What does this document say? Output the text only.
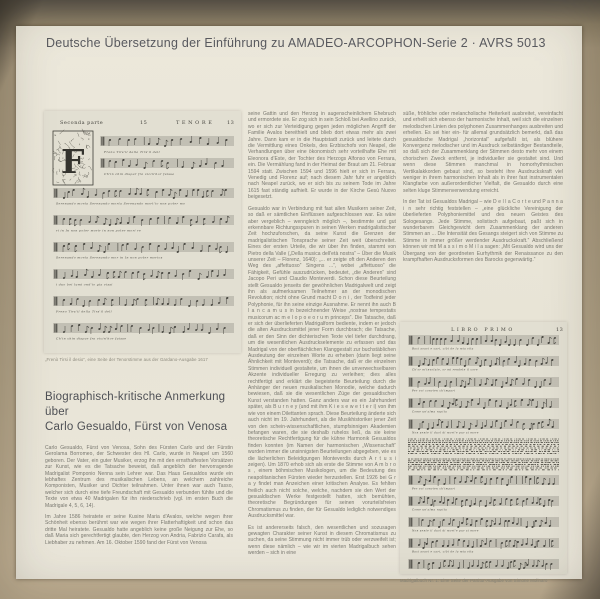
Deutsche Übersetzung der Einführung zu AMADEO-ARCOPHON-Serie 2 · AVRS 5013
Seconda parte	15	TENORE	13
F	Freno Tirs'il della Tirs'il dell
Ch'in chin dispar fra vicin'hor fuisse
Serenando morta Serenando morta Serenando mort'io non poter mo
ri in In non poter morir in non poter mori re
Serenando morta Serenando mor in In non poter morios
i duo bei lumi ond'io gia vissi
Freno Tirs'il della Tirs'il dell
Ch'in chin dispar fra vicin'hor fuisse
„Frenò Tirsi il desio“, eine Seite der Tenorstimme aus der Gardano-Ausgabe 1617
Biographisch-kritische Anmerkung
über
Carlo Gesualdo, Fürst von Venosa

Carlo Gesualdo, Fürst von Venosa, Sohn des Fürsten Carlo und der Fürstin Gerolama Borromeo, der Schwester des Hl. Carlo, wurde in Neapel um 1560 geboren. Der Vater, ein guter Musiker, erzog ihn mit den ernsthaftesten Vorsätzen zur Kunst, wie es die Tatsache beweist, daß angeblich der hervorragende Madrigalist Pomponio Nenna sein Lehrer war. Das Haus Gesualdos wurde ein lebhaftes Zentrum des musikalischen Lebens, an welchem zahlreiche Komponisten, Musiker und Dichter teilnahmen. Unter ihnen war auch Tasso, welcher sich durch eine tiefe Freundschaft mit Gesualdo verbunden fühlte und die Texte von etwa 40 Madrigalen für ihn niederschrieb (vgl. im ersten Buch die Madrigale 4, 5, 6, 14).

Im Jahre 1586 heiratete er seine Kusine Maria d'Avalos, welche wegen ihrer Schönheit ebenso berühmt war wie wegen ihrer Flatterhaftigkeit und schon das dritte Mal heiratete. Gesualdo hatte angeblich keine große Neigung zur Ehe, so daß Maria sich gerechtfertigt glaubte, den Herzog von Andria, Fabrizio Carafa, als Liebhaber zu nehmen. Am 16. Oktober 1590 fand der Fürst von Venosa

seine Gattin und den Herzog in augenscheinlichem Ehebruch und ermordete sie. Er zog sich in sein Schloß bei Avellino zurück, wo er sich zur Verteidigung gegen jeden möglichen Angriff der Familie Avalos bereithielt und blieb dort etwas mehr als zwei Jahre. Dann kam er in die Hauptstadt zurück und leitete durch die Vermittlung eines Onkels, des Erzbischofs von Neapel, die Verhandlungen über eine ökonomisch sehr vorteilhafte Ehe mit Eleonora d'Este, der Tochter des Herzogs Alfonso von Ferrara, ein. Die Vermählung fand in der Heimat der Braut am 21. Februar 1594 statt. Zwischen 1594 und 1596 hielt er sich in Ferrara, Venedig und Florenz auf; nach diesem Jahr fuhr er angeblich nach Neapel zurück, wo er sich bis zu seinem Tode im Jahre 1615 fast ständig aufhielt. Er wurde in der Kirche Gesù Nuovo beigesetzt.

Gesualdo war in Verbindung mit fast allen Musikern seiner Zeit, so daß er sämtlichen Einflüssen aufgeschlossen war. Es wäre aber vergeblich – wenngleich möglich –, bestimmte und gut erkennbare Richtungsspuren in seinen Werken madrigalistischer Zeit hochzuforschen, da seine Kunst die Grenzen der madrigalistischen Tonsprache seiner Zeit weit überschreitet. Eines der ersten Urteile, die wir über ihn finden, stammt von Pietro della Valle („Della musica dell'età nostra“ – Über die Musik unserer Zeit – Florenz, 1640): „... er zeigte oft den Anderen den Weg des „affettuoso“ Singens ...“, wobei „affettuoso“ die Fähigkeit, Gefühle auszudrücken, bedeutet, „die Anderen“ sind Jacopo Peri und Claudio Monteverdi. Schon diese Beurteilung stellt Gesualdo jenseits der gewöhnlichen Madrigalwelt und zeigt ihn als aufmerksamen Teilnehmer an der monodischen Revolution; nicht ohne Grund macht D o n i , der Todfeind jeder Polyphonie, für ihn seine einzige Ausnahme. Er nennt ihn auch B l a n c a m u s in bezeichnender Weise „nostrae tempestatis musicorum ac m e l o p o e o r u m princeps“. Die Tatsache, daß er sich der überlieferten Madrigalform bediente, indem er jedoch die alten Ausdrucksmittel jener Form durchbrach; die Tatsache, daß er den Sinn der dichterischen Texte viel tiefer durchdrang, um die wesentlichen Ausdruckselemente zu erfassen und das Madrigal von der oberflächlichen Klanggestalt zur buchstäblichen Ausdeutung der einzelnen Worte zu erheben (darin liegt seine Ähnlichkeit mit Monteverdi); die Tatsache, daß er die einzelnen Stimmen individuell gestaltete, um ihnen die unverwechselbaren Akzente individueller Erregung zu verleihen; dies alles rechtfertigt und erklärt die begeisterte Beurteilung durch die Anhänger der neuen musikalischen Monodie, welche dadurch bewiesen, daß sie die wesentlichen Züge der gesualdischen Kunst verstanden hatten. Ganz anders war es ein Jahrhundert später, als B u r n e y (und mit ihm K i e s e w e t t e r i) von ihm wie von einem Dilettanten sprach. Diese Beurteilung änderte sich auch nicht im 19. Jahrhundert, als die Musikhistoriker jener Zeit von den schein-wissenschaftlichen, stumpfsinnigen Akademien befangen waren, die sie deshalb ruhelos ließ, da sie keine theoretische Rechtfertigung für die kühne Harmonik Gesualdos finden konnten (im Namen der harmonischen „Wissenschaft“ wurden immer die unsinnigsten Beurteilungen abgegeben, wie es die lächerlichen Beleidigungen Monteverdis durch A r t u s i zeigen). Um 1870 erhob sich als erste die Stimme von A m b r o s , einem böhmischen Musikologen, um die Bedeutung des neapolitanischen Fürsten wieder herzustellen. Erst 1926 bei G r a y findet man Anzeichen einer kritischen Analyse. Es fehlten freilich auch nicht solche, welche, nachdem sie den Wert der gesualdischen Werke festgestellt hatten, sich bemühten, theoretische Begründungen für seinen vorurteilsfreien Chromatismus zu finden, der für Gesualdo lediglich notwendiges Ausdrucksmittel war.

Es ist andererseits falsch, den wesentlichen und sozusagen gewagten Charakter seiner Kunst in diesem Chromatismus zu suchen, da seine Stimmung nicht immer trüb oder verzweifelt ist; wenn diese nämlich – wie wir im vierten Madrigalbuch sehen werden – sich in eine

süße, fröhliche oder melancholische Heiterkeit ausbreitet, vereinfacht und erhellt sich ebenso der harmonische Inhalt, weil sich die einzelnen melodischen Linien des polyphonen Zusammenhanges ausbreiten und erhellen. Es sei hier ein- für allemal grundsätzlich bemerkt, daß das gesualdische Madrigal „horizontal“ aufgefaßt ist, als blühere Konvergenz melodischer und im Ausdruck selbständiger Bestandteile, so daß sich der Zusammenklang der Stimmen desto mehr von einem chorischen Zweck entfernt, je individueller sie gestaltet sind. Und wenn diese Stimmen manchmal in homorhythmischen Vertikalakkorden gebaut sind, so besteht ihre Ausdruckskraft viel weniger in ihrem harmonischen Inhalt als in ihrer fast instrumentalen Klangfarbe von außerordentlicher Vielfalt, die Gesualdo durch eine selten kluge Stimmenverwendung erreicht.

In der Tat ist Gesualdos Madrigal – wie D e l l a C o r t e und P a n n a i n sehr richtig feststellen – „eine glückliche Vereinigung der überlieferten Polyphoniemittel und des neuen Geistes des Sologesangs. Jede Stimme, solistisch aufgebaut, paßt sich in wunderbarem Gleichgewicht dem Zusammenklang der anderen Stimmen an ... Die Intensität des Gesangs steigert sich von Stimme zu Stimme in immer größer werdender Ausdruckskraft.“ Abschließend können wir mit M a s s i m o M i l a sagen: „Mit Gesualdo wird uns der Übergang von der geordneten Eurhythmik der Renaissance zu den krampfhaften Ausdrucksformen des Barocks gegenwärtig.“

LIBRO PRIMO	13
Baci soavi e cari, cibi de la mia vita
Ch'or m'involate, or mi rendete il core
Per voi convien ch'impari
Come un'alma rapita
Non sente il duol di mort'e pur si more
Per voi convien ch'impari
Come un'alma rapita
Non sente il duol di mort'e pur si more
Baci soavi e cari, cibi de la mia vita
Madrigalbuch Nr. 1: Eine Seite der Partitur-Ausgabe von Simone Molinaro
